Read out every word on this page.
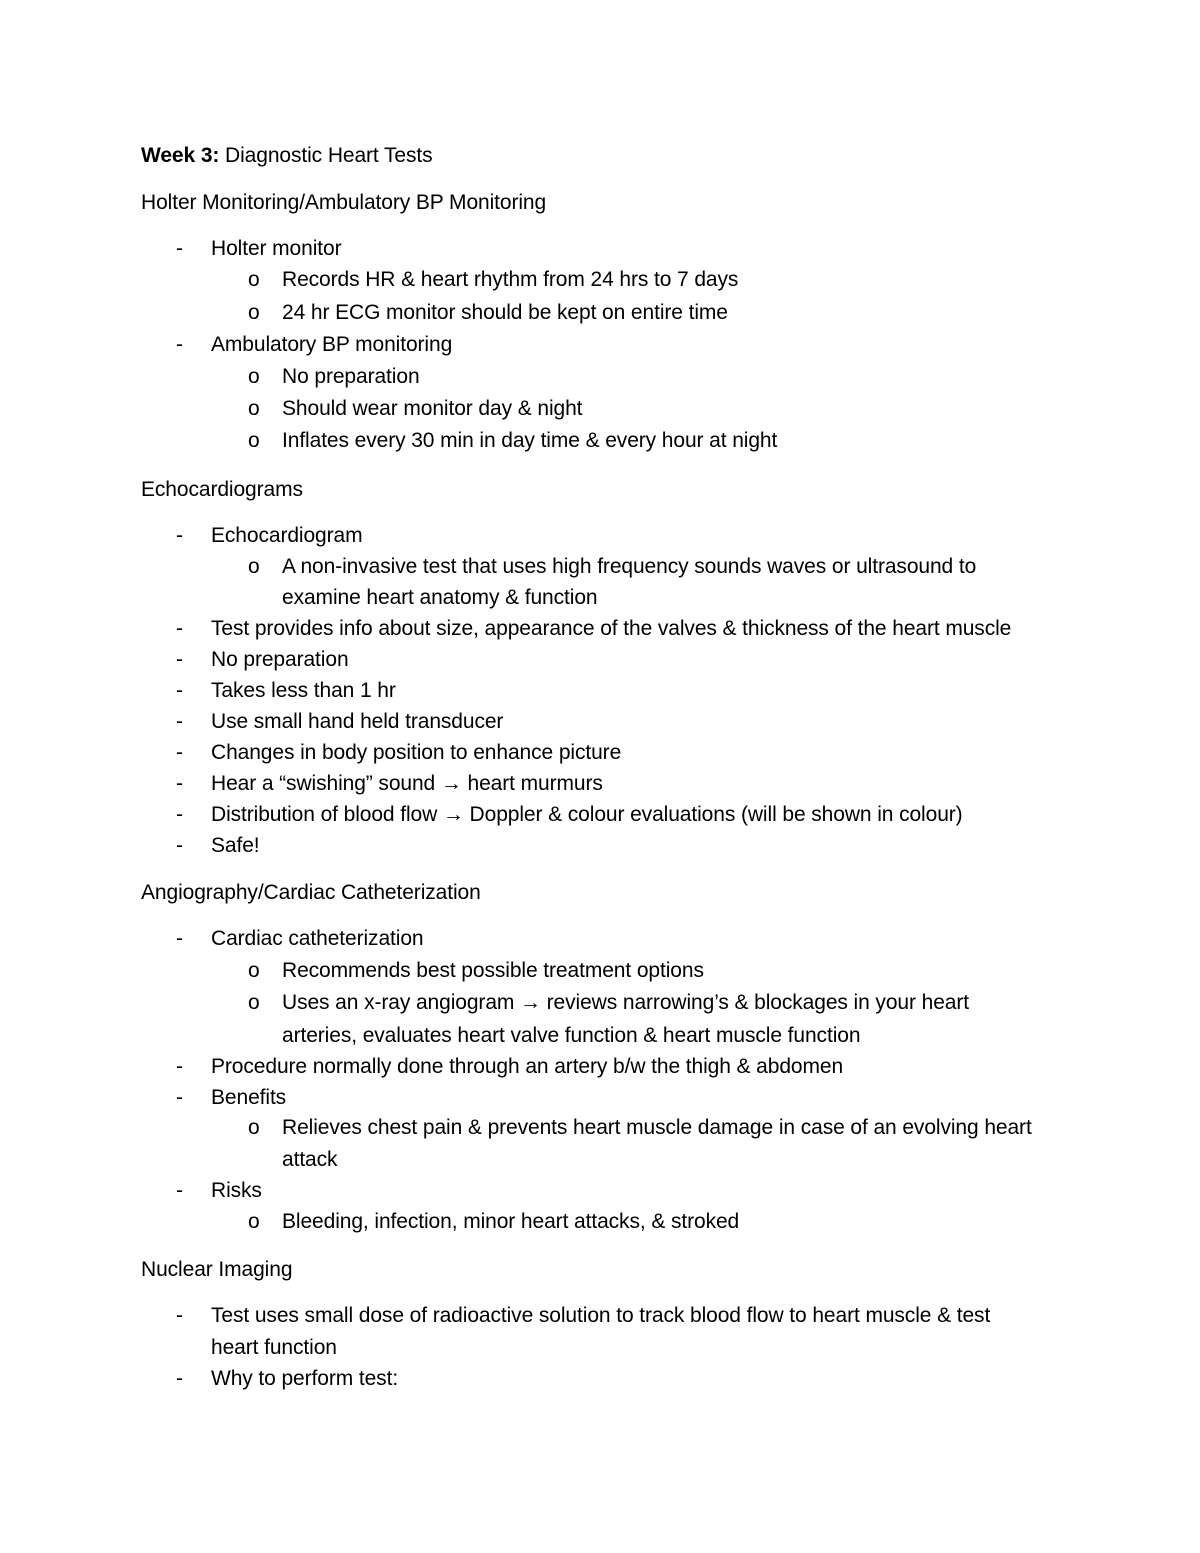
Week 3: Diagnostic Heart Tests
Holter Monitoring/Ambulatory BP Monitoring
- Holter monitor
o Records HR & heart rhythm from 24 hrs to 7 days
o 24 hr ECG monitor should be kept on entire time
- Ambulatory BP monitoring
o No preparation
o Should wear monitor day & night
o Inflates every 30 min in day time & every hour at night
Echocardiograms
- Echocardiogram
o A non-invasive test that uses high frequency sounds waves or ultrasound to
examine heart anatomy & function
- Test provides info about size, appearance of the valves & thickness of the heart muscle
- No preparation
- Takes less than 1 hr
- Use small hand held transducer
- Changes in body position to enhance picture
- Hear a “swishing” sound → heart murmurs
- Distribution of blood flow → Doppler & colour evaluations (will be shown in colour)
- Safe!
Angiography/Cardiac Catheterization
- Cardiac catheterization
o Recommends best possible treatment options
o Uses an x-ray angiogram → reviews narrowing’s & blockages in your heart
arteries, evaluates heart valve function & heart muscle function
- Procedure normally done through an artery b/w the thigh & abdomen
- Benefits
o Relieves chest pain & prevents heart muscle damage in case of an evolving heart
attack
- Risks
o Bleeding, infection, minor heart attacks, & stroked
Nuclear Imaging
- Test uses small dose of radioactive solution to track blood flow to heart muscle & test
heart function
- Why to perform test:
